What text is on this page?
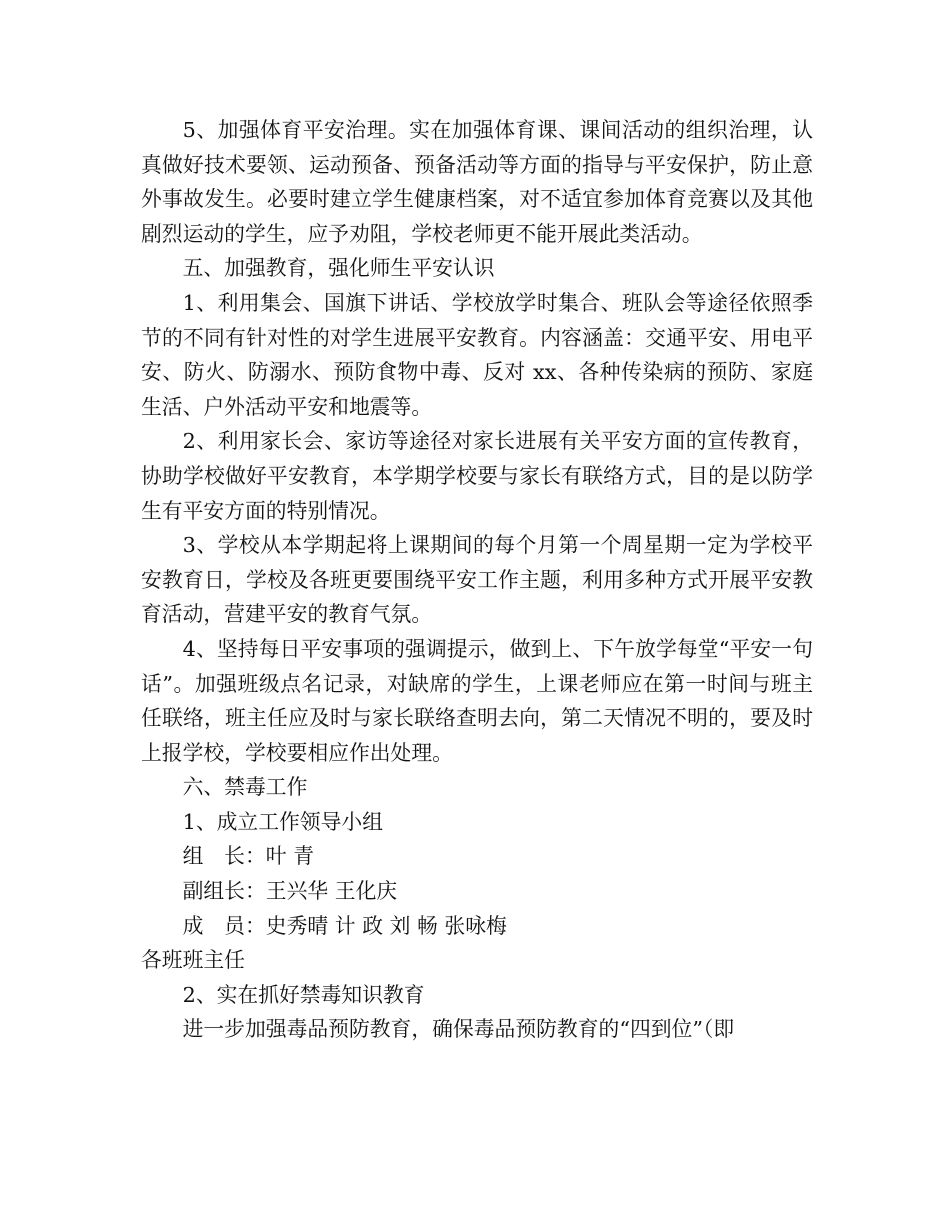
5、加强体育平安治理。实在加强体育课、课间活动的组织治理，认真做好技术要领、运动预备、预备活动等方面的指导与平安保护，防止意外事故发生。必要时建立学生健康档案，对不适宜参加体育竞赛以及其他剧烈运动的学生，应予劝阻，学校老师更不能开展此类活动。

五、加强教育，强化师生平安认识

1、利用集会、国旗下讲话、学校放学时集合、班队会等途径依照季节的不同有针对性的对学生进展平安教育。内容涵盖：交通平安、用电平安、防火、防溺水、预防食物中毒、反对 xx、各种传染病的预防、家庭生活、户外活动平安和地震等。

2、利用家长会、家访等途径对家长进展有关平安方面的宣传教育，协助学校做好平安教育，本学期学校要与家长有联络方式，目的是以防学生有平安方面的特别情况。

3、学校从本学期起将上课期间的每个月第一个周星期一定为学校平安教育日，学校及各班更要围绕平安工作主题，利用多种方式开展平安教育活动，营建平安的教育气氛。

4、坚持每日平安事项的强调提示，做到上、下午放学每堂“平安一句话”。加强班级点名记录，对缺席的学生，上课老师应在第一时间与班主任联络，班主任应及时与家长联络查明去向，第二天情况不明的，要及时上报学校，学校要相应作出处理。

六、禁毒工作

1、成立工作领导小组

组　长：叶 青

副组长：王兴华 王化庆

成　员：史秀晴 计 政 刘 畅 张咏梅

各班班主任

2、实在抓好禁毒知识教育

进一步加强毒品预防教育，确保毒品预防教育的“四到位”（即
